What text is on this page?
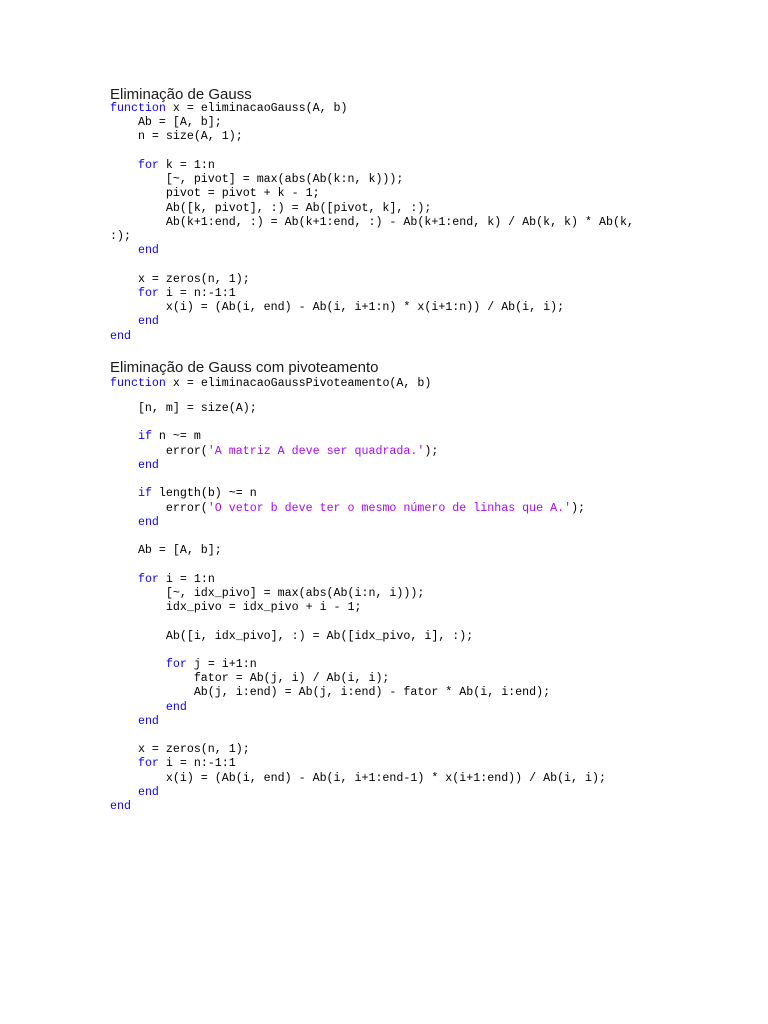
Eliminação de Gauss
function x = eliminacaoGauss(A, b)
Ab = [A, b];
n = size(A, 1);
for k = 1:n
[~, pivot] = max(abs(Ab(k:n, k)));
pivot = pivot + k - 1;
Ab([k, pivot], :) = Ab([pivot, k], :);
Ab(k+1:end, :) = Ab(k+1:end, :) - Ab(k+1:end, k) / Ab(k, k) * Ab(k,
:);
end
x = zeros(n, 1);
for i = n:-1:1
x(i) = (Ab(i, end) - Ab(i, i+1:n) * x(i+1:n)) / Ab(i, i);
end
end
Eliminação de Gauss com pivoteamento
function x = eliminacaoGaussPivoteamento(A, b)
[n, m] = size(A);
if n ~= m
error('A matriz A deve ser quadrada.');
end
if length(b) ~= n
error('O vetor b deve ter o mesmo número de linhas que A.');
end
Ab = [A, b];
for i = 1:n
[~, idx_pivo] = max(abs(Ab(i:n, i)));
idx_pivo = idx_pivo + i - 1;
Ab([i, idx_pivo], :) = Ab([idx_pivo, i], :);
for j = i+1:n
fator = Ab(j, i) / Ab(i, i);
Ab(j, i:end) = Ab(j, i:end) - fator * Ab(i, i:end);
end
end
x = zeros(n, 1);
for i = n:-1:1
x(i) = (Ab(i, end) - Ab(i, i+1:end-1) * x(i+1:end)) / Ab(i, i);
end
end
